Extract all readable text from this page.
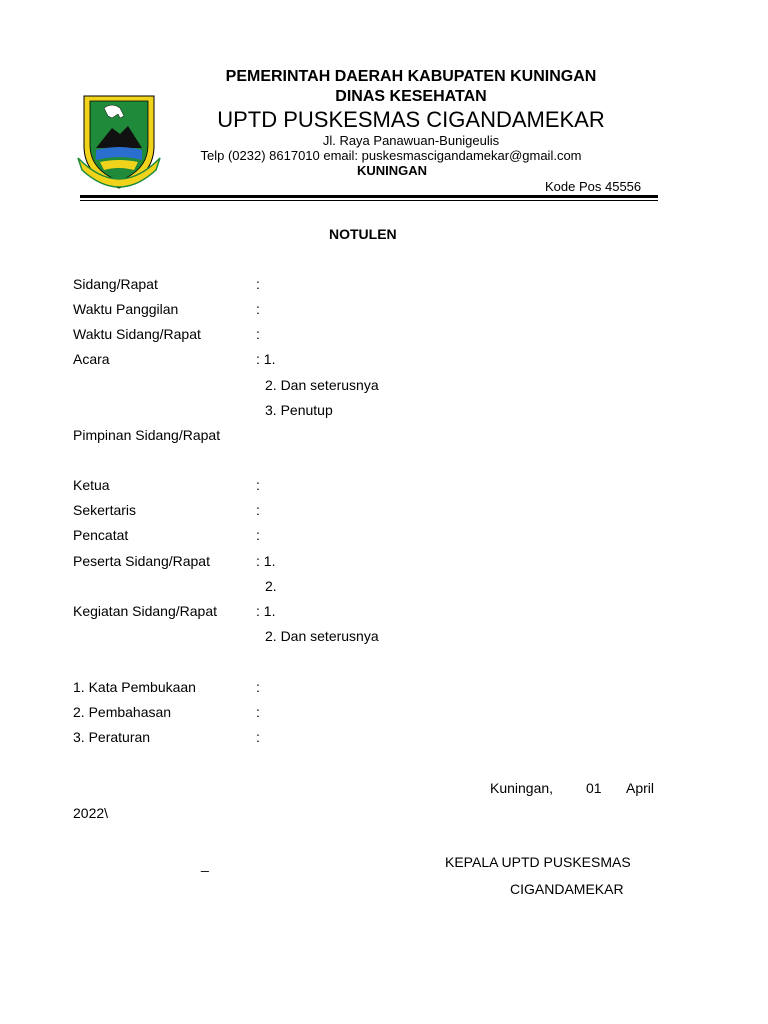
PEMERINTAH DAERAH KABUPATEN KUNINGAN
DINAS KESEHATAN
UPTD PUSKESMAS CIGANDAMEKAR
Jl. Raya Panawuan-Bunigeulis
Telp (0232) 8617010 email: puskesmascigandamekar@gmail.com
KUNINGAN
Kode Pos 45556
NOTULEN
Sidang/Rapat	:
Waktu Panggilan	:
Waktu Sidang/Rapat	:
Acara	: 1.
2. Dan seterusnya
3. Penutup
Pimpinan Sidang/Rapat
Ketua	:
Sekertaris	:
Pencatat	:
Peserta Sidang/Rapat	: 1.
2.
Kegiatan Sidang/Rapat	: 1.
2. Dan seterusnya
1. Kata Pembukaan	:
2. Pembahasan	:
3. Peraturan	:
Kuningan, 01 April
2022\
_	KEPALA UPTD PUSKESMAS
CIGANDAMEKAR
